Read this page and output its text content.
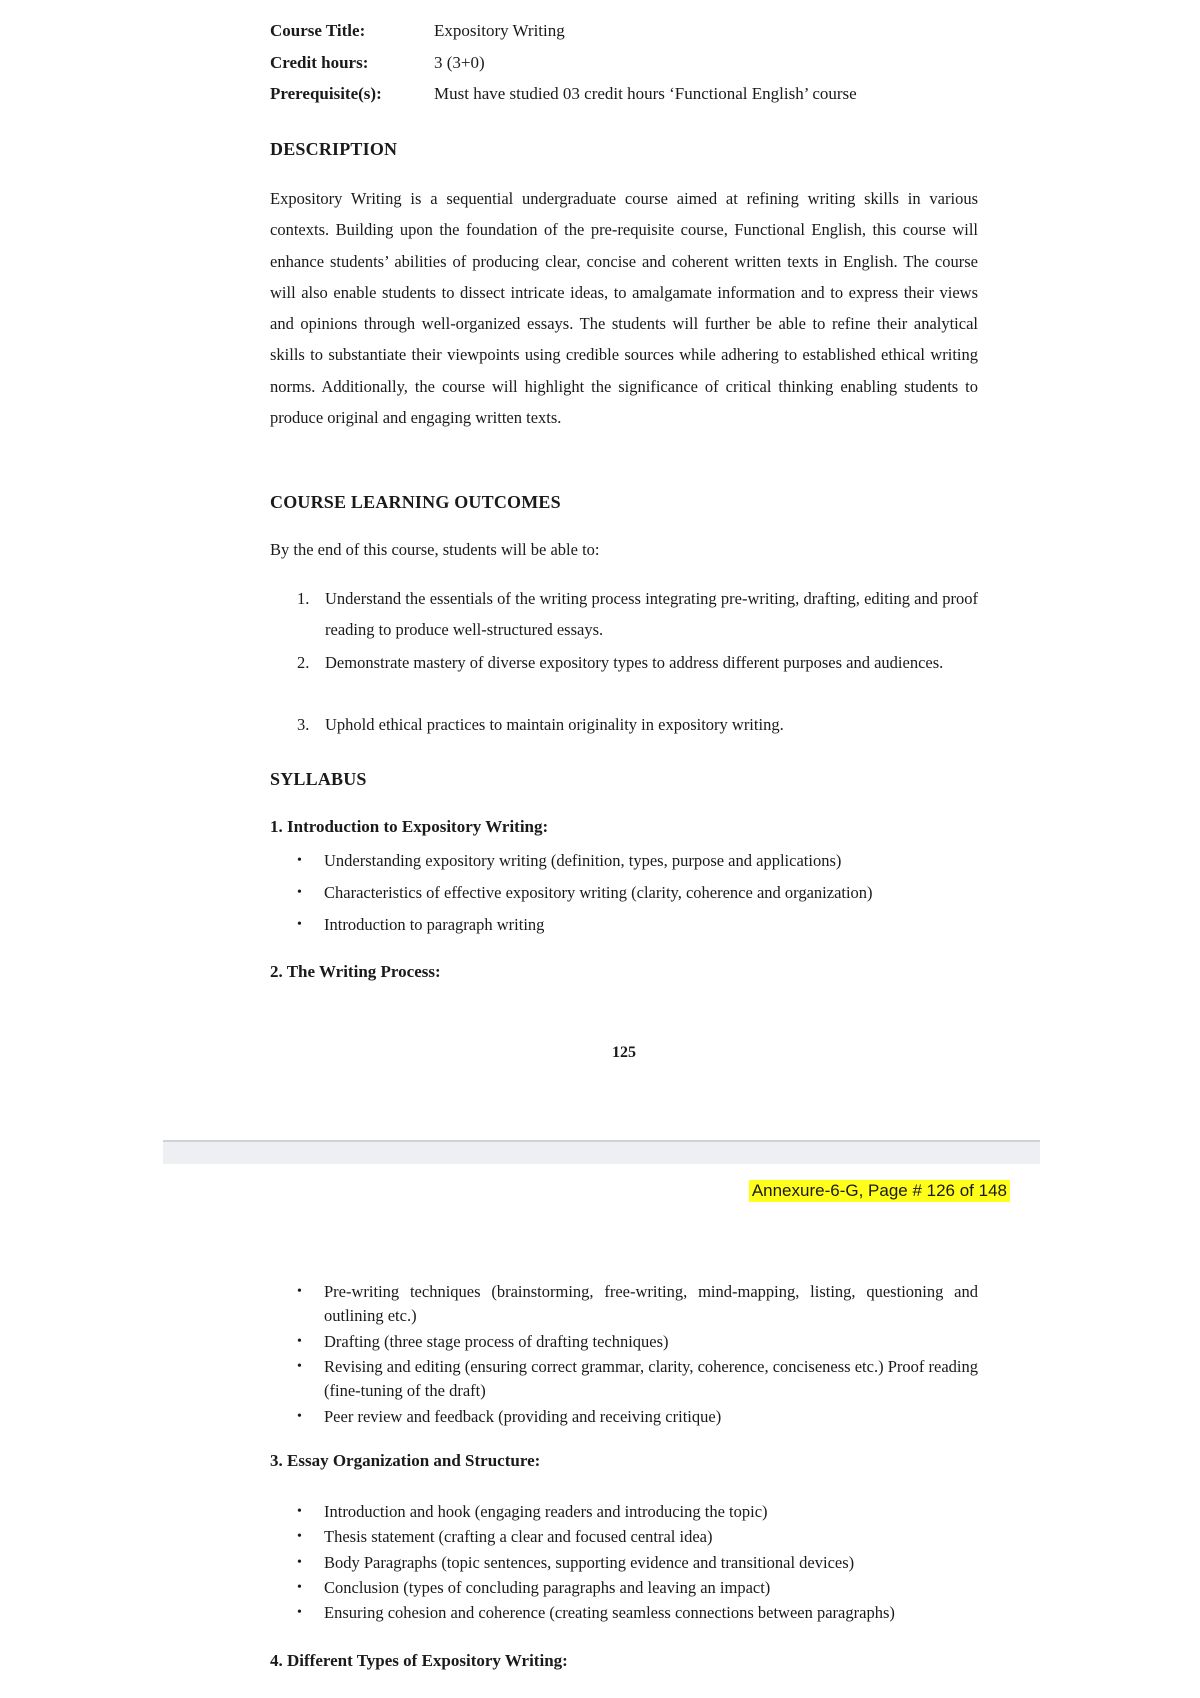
Course Title:	Expository Writing
Credit hours:	3 (3+0)
Prerequisite(s):	Must have studied 03 credit hours ‘Functional English’ course
DESCRIPTION

Expository Writing is a sequential undergraduate course aimed at refining writing skills in various contexts. Building upon the foundation of the pre-requisite course, Functional English, this course will enhance students’ abilities of producing clear, concise and coherent written texts in English. The course will also enable students to dissect intricate ideas, to amalgamate information and to express their views and opinions through well-organized essays. The students will further be able to refine their analytical skills to substantiate their viewpoints using credible sources while adhering to established ethical writing norms. Additionally, the course will highlight the significance of critical thinking enabling students to produce original and engaging written texts.

COURSE LEARNING OUTCOMES
By the end of this course, students will be able to:
1. Understand the essentials of the writing process integrating pre-writing, drafting, editing and proof reading to produce well-structured essays.
2. Demonstrate mastery of diverse expository types to address different purposes and audiences.
3. Uphold ethical practices to maintain originality in expository writing.
SYLLABUS
1. Introduction to Expository Writing:
• Understanding expository writing (definition, types, purpose and applications)
• Characteristics of effective expository writing (clarity, coherence and organization)
• Introduction to paragraph writing
2. The Writing Process:
125
Annexure-6-G, Page # 126 of 148
• Pre-writing techniques (brainstorming, free-writing, mind-mapping, listing, questioning and outlining etc.)
• Drafting (three stage process of drafting techniques)
• Revising and editing (ensuring correct grammar, clarity, coherence, conciseness etc.) Proof reading (fine-tuning of the draft)
• Peer review and feedback (providing and receiving critique)
3. Essay Organization and Structure:
• Introduction and hook (engaging readers and introducing the topic)
• Thesis statement (crafting a clear and focused central idea)
• Body Paragraphs (topic sentences, supporting evidence and transitional devices)
• Conclusion (types of concluding paragraphs and leaving an impact)
• Ensuring cohesion and coherence (creating seamless connections between paragraphs)
4. Different Types of Expository Writing:
